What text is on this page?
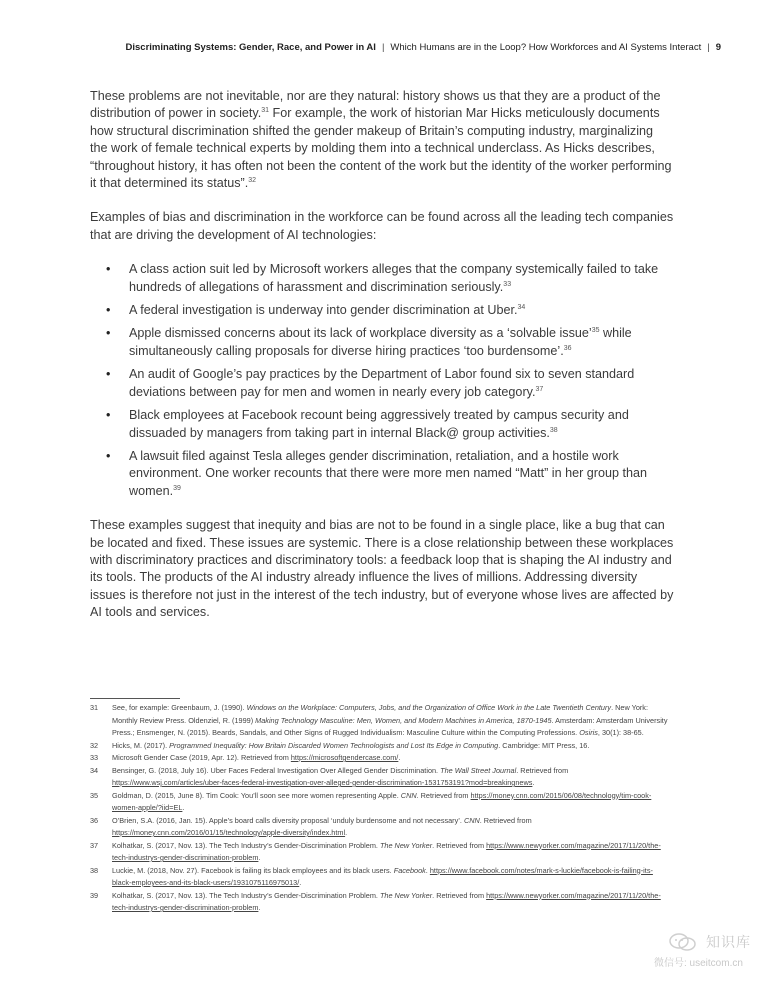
Discriminating Systems: Gender, Race, and Power in AI | Which Humans are in the Loop? How Workforces and AI Systems Interact | 9

These problems are not inevitable, nor are they natural: history shows us that they are a product of the distribution of power in society.$^{31}$ For example, the work of historian Mar Hicks meticulously documents how structural discrimination shifted the gender makeup of Britain’s computing industry, marginalizing the work of female technical experts by molding them into a technical underclass. As Hicks describes, “throughout history, it has often not been the content of the work but the identity of the worker performing it that determined its status”.$^{32}$

Examples of bias and discrimination in the workforce can be found across all the leading tech companies that are driving the development of AI technologies:

• A class action suit led by Microsoft workers alleges that the company systemically failed to take hundreds of allegations of harassment and discrimination seriously.$^{33}$
• A federal investigation is underway into gender discrimination at Uber.$^{34}$
• Apple dismissed concerns about its lack of workplace diversity as a ‘solvable issue’$^{35}$ while simultaneously calling proposals for diverse hiring practices ‘too burdensome’.$^{36}$
• An audit of Google’s pay practices by the Department of Labor found six to seven standard deviations between pay for men and women in nearly every job category.$^{37}$
• Black employees at Facebook recount being aggressively treated by campus security and dissuaded by managers from taking part in internal Black@ group activities.$^{38}$
• A lawsuit filed against Tesla alleges gender discrimination, retaliation, and a hostile work environment. One worker recounts that there were more men named “Matt” in her group than women.$^{39}$

These examples suggest that inequity and bias are not to be found in a single place, like a bug that can be located and fixed. These issues are systemic. There is a close relationship between these workplaces with discriminatory practices and discriminatory tools: a feedback loop that is shaping the AI industry and its tools. The products of the AI industry already influence the lives of millions. Addressing diversity issues is therefore not just in the interest of the tech industry, but of everyone whose lives are affected by AI tools and services.

31 See, for example: Greenbaum, J. (1990). Windows on the Workplace: Computers, Jobs, and the Organization of Office Work in the Late Twentieth Century. New York: Monthly Review Press. Oldenziel, R. (1999) Making Technology Masculine: Men, Women, and Modern Machines in America, 1870-1945. Amsterdam: Amsterdam University Press.; Ensmenger, N. (2015). Beards, Sandals, and Other Signs of Rugged Individualism: Masculine Culture within the Computing Professions. Osiris, 30(1): 38-65.
32 Hicks, M. (2017). Programmed Inequality: How Britain Discarded Women Technologists and Lost Its Edge in Computing. Cambridge: MIT Press, 16.
33 Microsoft Gender Case (2019, Apr. 12). Retrieved from https://microsoftgendercase.com/.
34 Bensinger, G. (2018, July 16). Uber Faces Federal Investigation Over Alleged Gender Discrimination. The Wall Street Journal. Retrieved from https://www.wsj.com/articles/uber-faces-federal-investigation-over-alleged-gender-discrimination-1531753191?mod=breakingnews.
35 Goldman, D. (2015, June 8). Tim Cook: You’ll soon see more women representing Apple. CNN. Retrieved from https://money.cnn.com/2015/06/08/technology/tim-cook-women-apple/?iid=EL.
36 O’Brien, S.A. (2016, Jan. 15). Apple’s board calls diversity proposal ‘unduly burdensome and not necessary’. CNN. Retrieved from https://money.cnn.com/2016/01/15/technology/apple-diversity/index.html.
37 Kolhatkar, S. (2017, Nov. 13). The Tech Industry’s Gender-Discrimination Problem. The New Yorker. Retrieved from https://www.newyorker.com/magazine/2017/11/20/the-tech-industrys-gender-discrimination-problem.
38 Luckie, M. (2018, Nov. 27). Facebook is failing its black employees and its black users. Facebook. https://www.facebook.com/notes/mark-s-luckie/facebook-is-failing-its-black-employees-and-its-black-users/1931075116975013/.
39 Kolhatkar, S. (2017, Nov. 13). The Tech Industry’s Gender-Discrimination Problem. The New Yorker. Retrieved from https://www.newyorker.com/magazine/2017/11/20/the-tech-industrys-gender-discrimination-problem.
知识库
微信号: useitcom.cn
